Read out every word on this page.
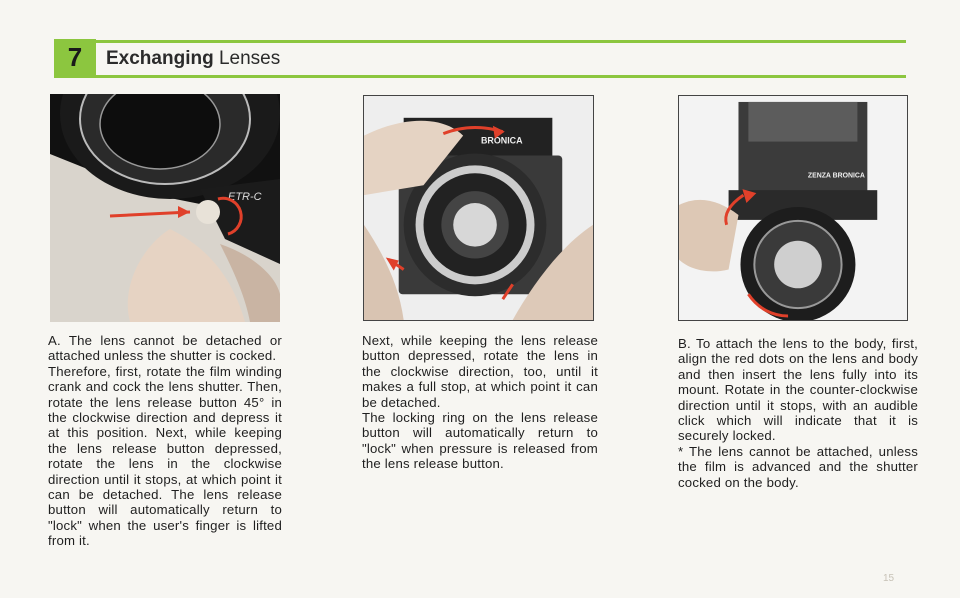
7	Exchanging Lenses
ETR-C
BRONICA
ZENZA BRONICA

A. The lens cannot be detached or attached unless the shutter is cocked.

Therefore, first, rotate the film winding crank and cock the lens shutter. Then, rotate the lens release button 45° in the clockwise direction and depress it at this position. Next, while keeping the lens release button depressed, rotate the lens in the clockwise direction until it stops, at which point it can be detached. The lens release button will automatically return to "lock" when the user's finger is lifted from it.

Next, while keeping the lens release button depressed, rotate the lens in the clockwise direction, too, until it makes a full stop, at which point it can be detached.

The locking ring on the lens release button will automatically return to "lock" when pressure is released from the lens release button.

B. To attach the lens to the body, first, align the red dots on the lens and body and then insert the lens fully into its mount. Rotate in the counter-clockwise direction until it stops, with an audible click which will indicate that it is securely locked.

* The lens cannot be attached, unless the film is advanced and the shutter cocked on the body.

15
